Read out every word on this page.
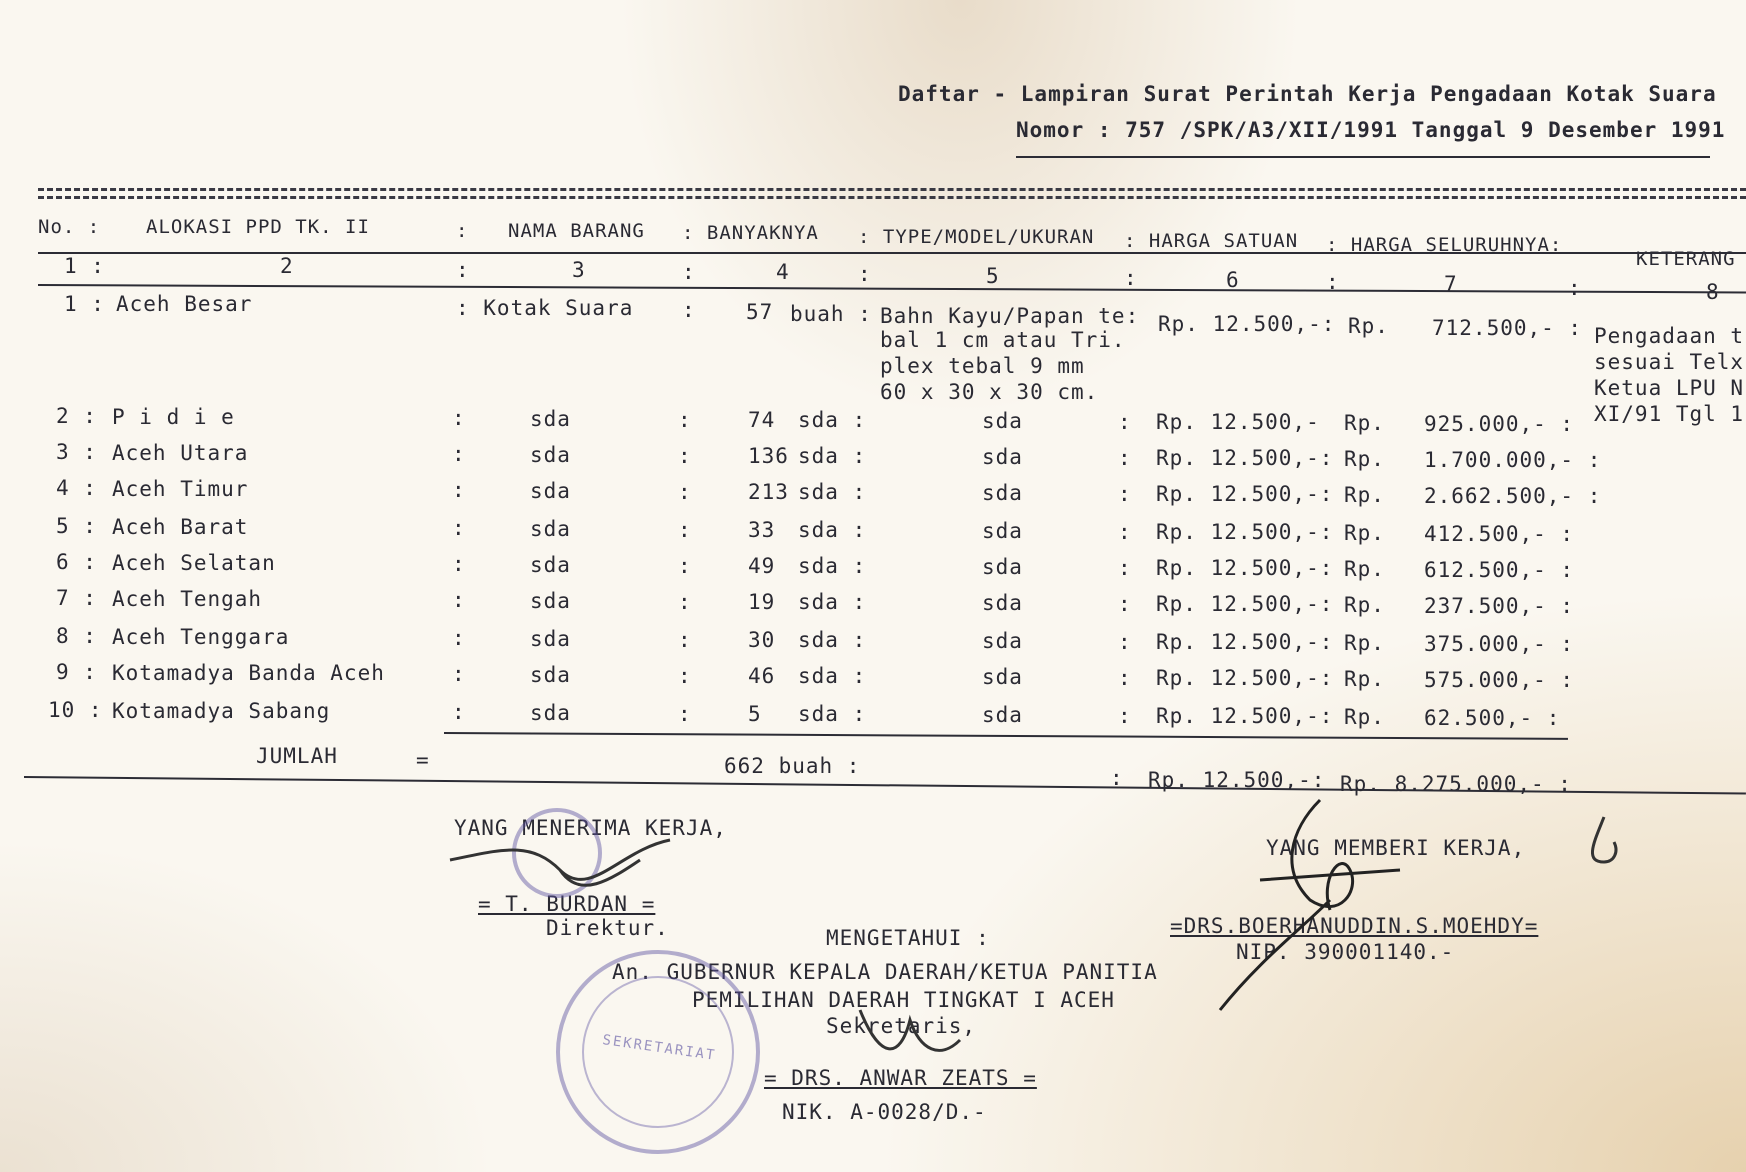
Daftar - Lampiran Surat Perintah Kerja Pengadaan Kotak Suara
Nomor : 757 /SPK/A3/XII/1991 Tanggal 9 Desember 1991
No. : ALOKASI PPD TK. II	: NAMA BARANG : BANYAKNYA : TYPE/MODEL/UKURAN : HARGA SATUAN : HARGA SELURUHNYA:
KETERANG
1 :	2	:	3	:	4	:	5	:	6	:	7	:	8
1 : Aceh Besar	: Kotak Suara : 57 buah : Bahn Kayu/Papan te: Rp. 12.500,-: Rp. 712.500,- : Pengadaan t
bal 1 cm atau Tri.
plex tebal 9 mm
60 x 30 x 30 cm.
sesuai Telx
Ketua LPU N
XI/91 Tgl 1
2 : P i d i e	:	sda	:	74 sda :	sda	: Rp. 12.500,- Rp. 925.000,- :
3 : Aceh Utara	:	sda	:	136 sda :	sda	: Rp. 12.500,-: Rp. 1.700.000,- :
4 : Aceh Timur	:	sda	:	213 sda :	sda	: Rp. 12.500,-: Rp. 2.662.500,- :
5 : Aceh Barat	:	sda	:	33 sda :	sda	: Rp. 12.500,-: Rp. 412.500,- :
6 : Aceh Selatan	:	sda	:	49 sda :	sda	: Rp. 12.500,-: Rp. 612.500,- :
7 : Aceh Tengah	:	sda	:	19 sda :	sda	: Rp. 12.500,-: Rp. 237.500,- :
8 : Aceh Tenggara	:	sda	:	30 sda :	sda	: Rp. 12.500,-: Rp. 375.000,- :
9 : Kotamadya Banda Aceh	:	sda	:	46 sda :	sda	: Rp. 12.500,-: Rp. 575.000,- :
10 : Kotamadya Sabang	:	sda	:	5 sda :	sda	: Rp. 12.500,-: Rp. 62.500,- :
JUMLAH	=	662 buah :	: Rp. 12.500,-: Rp. 8.275.000,- :
YANG MENERIMA KERJA,
= T. BURDAN =
Direktur.
YANG MEMBERI KERJA,
=DRS.BOERHANUDDIN.S.MOEHDY=
NIP. 390001140.-
MENGETAHUI :
An. GUBERNUR KEPALA DAERAH/KETUA PANITIA
PEMILIHAN DAERAH TINGKAT I ACEH
Sekretaris,
= DRS. ANWAR ZEATS =
NIK. A-0028/D.-
SEKRETARIAT
